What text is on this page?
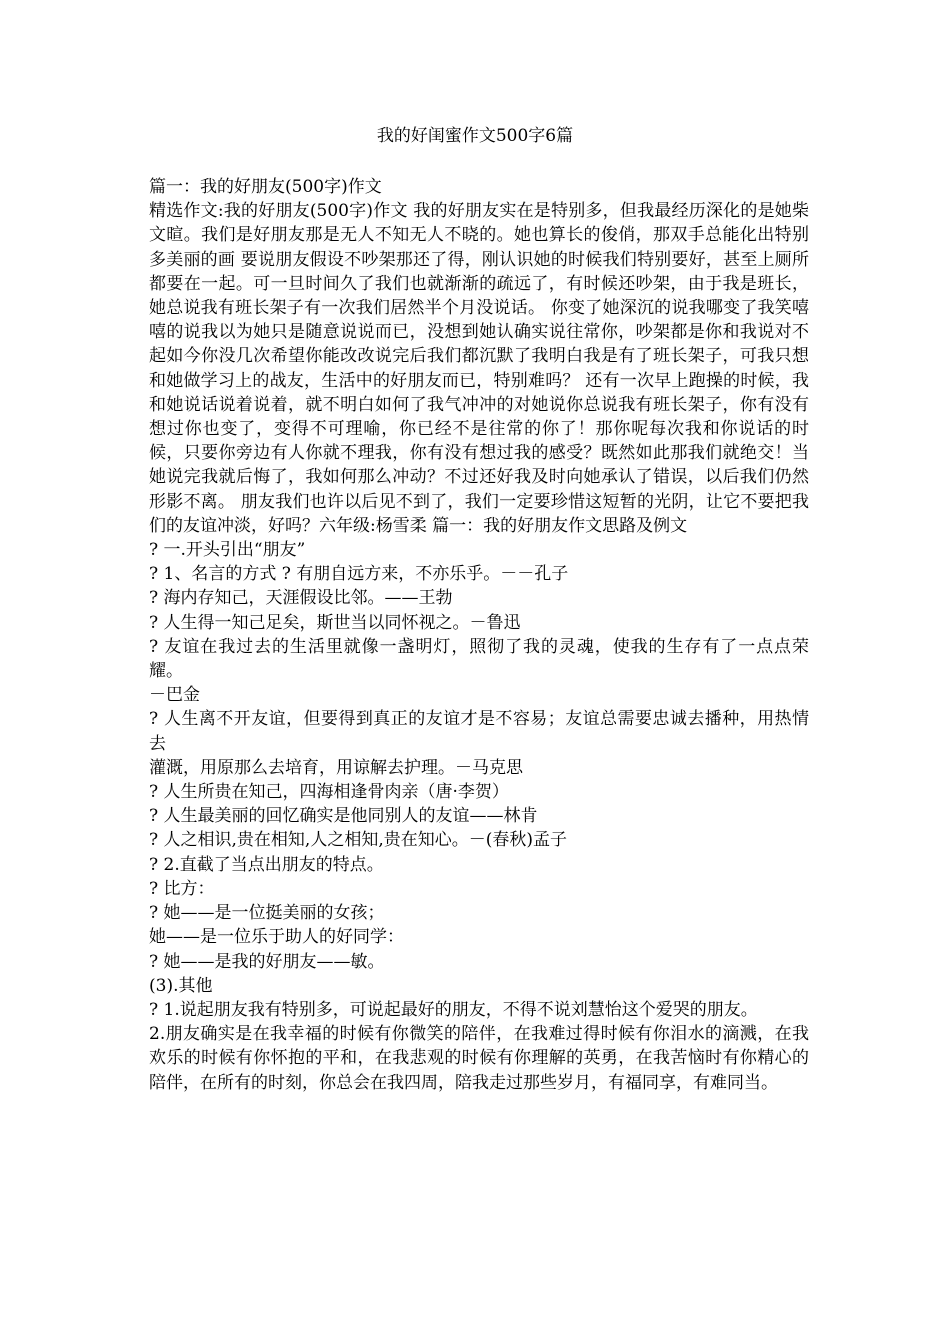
我的好闺蜜作文500字6篇

篇一：我的好朋友(500字)作文

精选作文:我的好朋友(500字)作文 我的好朋友实在是特别多，但我最经历深化的是她柴文暄。我们是好朋友那是无人不知无人不晓的。她也算长的俊俏，那双手总能化出特别多美丽的画 要说朋友假设不吵架那还了得，刚认识她的时候我们特别要好，甚至上厕所都要在一起。可一旦时间久了我们也就渐渐的疏远了，有时候还吵架，由于我是班长，她总说我有班长架子有一次我们居然半个月没说话。 你变了她深沉的说我哪变了我笑嘻嘻的说我以为她只是随意说说而已，没想到她认确实说往常你，吵架都是你和我说对不起如今你没几次希望你能改改说完后我们都沉默了我明白我是有了班长架子，可我只想和她做学习上的战友，生活中的好朋友而已，特别难吗？ 还有一次早上跑操的时候，我和她说话说着说着，就不明白如何了我气冲冲的对她说你总说我有班长架子，你有没有想过你也变了，变得不可理喻，你已经不是往常的你了！那你呢每次我和你说话的时候，只要你旁边有人你就不理我，你有没有想过我的感受？既然如此那我们就绝交！当她说完我就后悔了，我如何那么冲动？不过还好我及时向她承认了错误，以后我们仍然形影不离。 朋友我们也许以后见不到了，我们一定要珍惜这短暂的光阴，让它不要把我们的友谊冲淡，好吗？六年级:杨雪柔 篇一：我的好朋友作文思路及例文

? 一.开头引出“朋友”

? 1、名言的方式 ? 有朋自远方来，不亦乐乎。－－孔子

? 海内存知己，天涯假设比邻。——王勃

? 人生得一知己足矣，斯世当以同怀视之。－鲁迅

? 友谊在我过去的生活里就像一盏明灯，照彻了我的灵魂，使我的生存有了一点点荣耀。

－巴金

? 人生离不开友谊，但要得到真正的友谊才是不容易；友谊总需要忠诚去播种，用热情去

灌溉，用原那么去培育，用谅解去护理。－马克思

? 人生所贵在知己，四海相逢骨肉亲（唐·李贺）

? 人生最美丽的回忆确实是他同别人的友谊——林肯

? 人之相识,贵在相知,人之相知,贵在知心。－(春秋)孟子

? 2.直截了当点出朋友的特点。

? 比方：

? 她——是一位挺美丽的女孩；

她——是一位乐于助人的好同学：

? 她——是我的好朋友——敏。

(3).其他

? 1.说起朋友我有特别多，可说起最好的朋友，不得不说刘慧怡这个爱哭的朋友。

2.朋友确实是在我幸福的时候有你微笑的陪伴，在我难过得时候有你泪水的滴溅，在我欢乐的时候有你怀抱的平和，在我悲观的时候有你理解的英勇，在我苦恼时有你精心的陪伴，在所有的时刻，你总会在我四周，陪我走过那些岁月，有福同享，有难同当。
